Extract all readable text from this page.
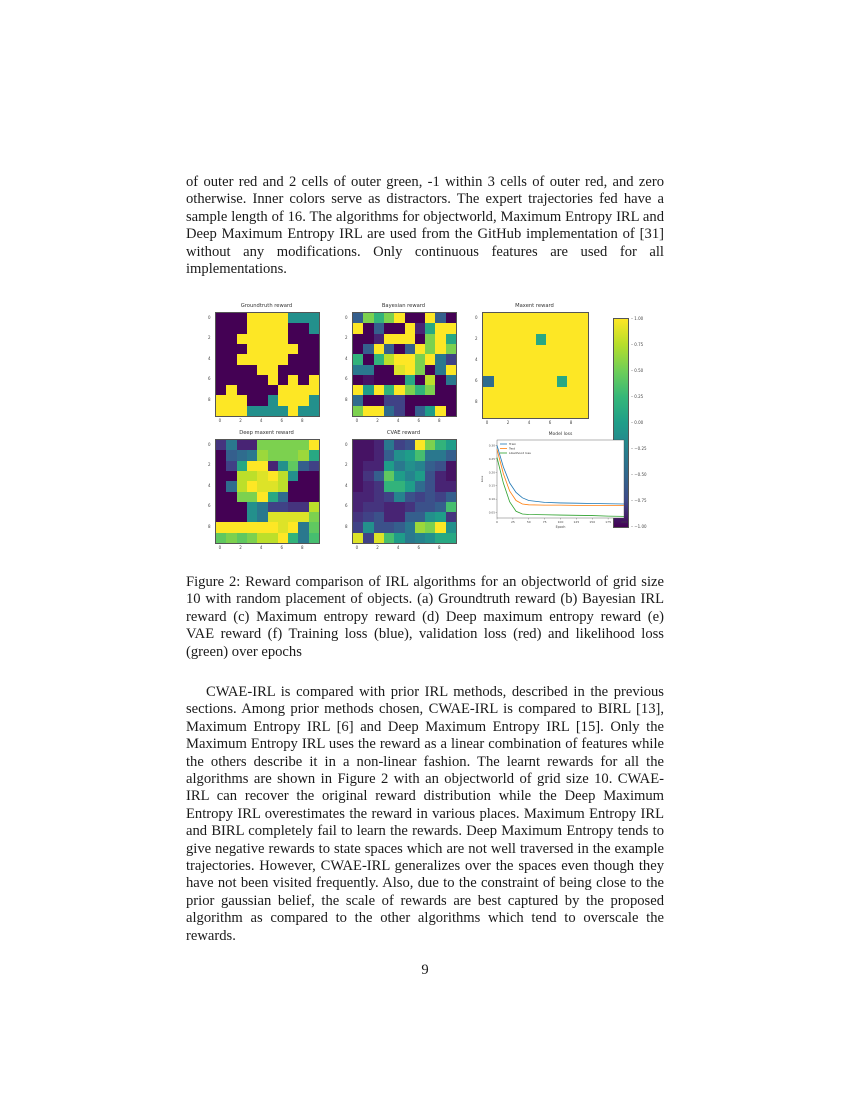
of outer red and 2 cells of outer green, -1 within 3 cells of outer red, and zero otherwise. Inner colors serve as distractors. The expert trajectories fed have a sample length of 16. The algorithms for objectworld, Maximum Entropy IRL and Deep Maximum Entropy IRL are used from the GitHub implementation of [31] without any modifications. Only continuous features are used for all implementations.
Groundtruth reward
0
2
4
6
8
0	2	4	6	8
Bayesian reward
0
2
4
6
8
0	2	4	6	8
Maxent reward
0
2
4
6
8
0	2	4	6	8
Deep maxent reward
0
2
4
6
8
0	2	4	6	8
CVAE reward
0
2
4
6
8
0	2	4	6	8
– 1.00
– 0.75
– 0.50
– 0.25
– 0.00
– −0.25
– −0.50
– −0.75
– −1.00
Model loss
0	25	50	75	100	125	150	175	200
Epoch
0.05
0.10
0.15
0.20
0.25
0.30
Loss
Train
Test
Likelihood loss
Figure 2: Reward comparison of IRL algorithms for an objectworld of grid size 10 with random placement of objects. (a) Groundtruth reward (b) Bayesian IRL reward (c) Maximum entropy reward (d) Deep maximum entropy reward (e) VAE reward (f) Training loss (blue), validation loss (red) and likelihood loss (green) over epochs
CWAE-IRL is compared with prior IRL methods, described in the previous sections. Among prior methods chosen, CWAE-IRL is compared to BIRL [13], Maximum Entropy IRL [6] and Deep Maximum Entropy IRL [15]. Only the Maximum Entropy IRL uses the reward as a linear combination of features while the others describe it in a non-linear fashion. The learnt rewards for all the algorithms are shown in Figure 2 with an objectworld of grid size 10. CWAE-IRL can recover the original reward distribution while the Deep Maximum Entropy IRL overestimates the reward in various places. Maximum Entropy IRL and BIRL completely fail to learn the rewards. Deep Maximum Entropy tends to give negative rewards to state spaces which are not well traversed in the example trajectories. However, CWAE-IRL generalizes over the spaces even though they have not been visited frequently. Also, due to the constraint of being close to the prior gaussian belief, the scale of rewards are best captured by the proposed algorithm as compared to the other algorithms which tend to overscale the rewards.
9
